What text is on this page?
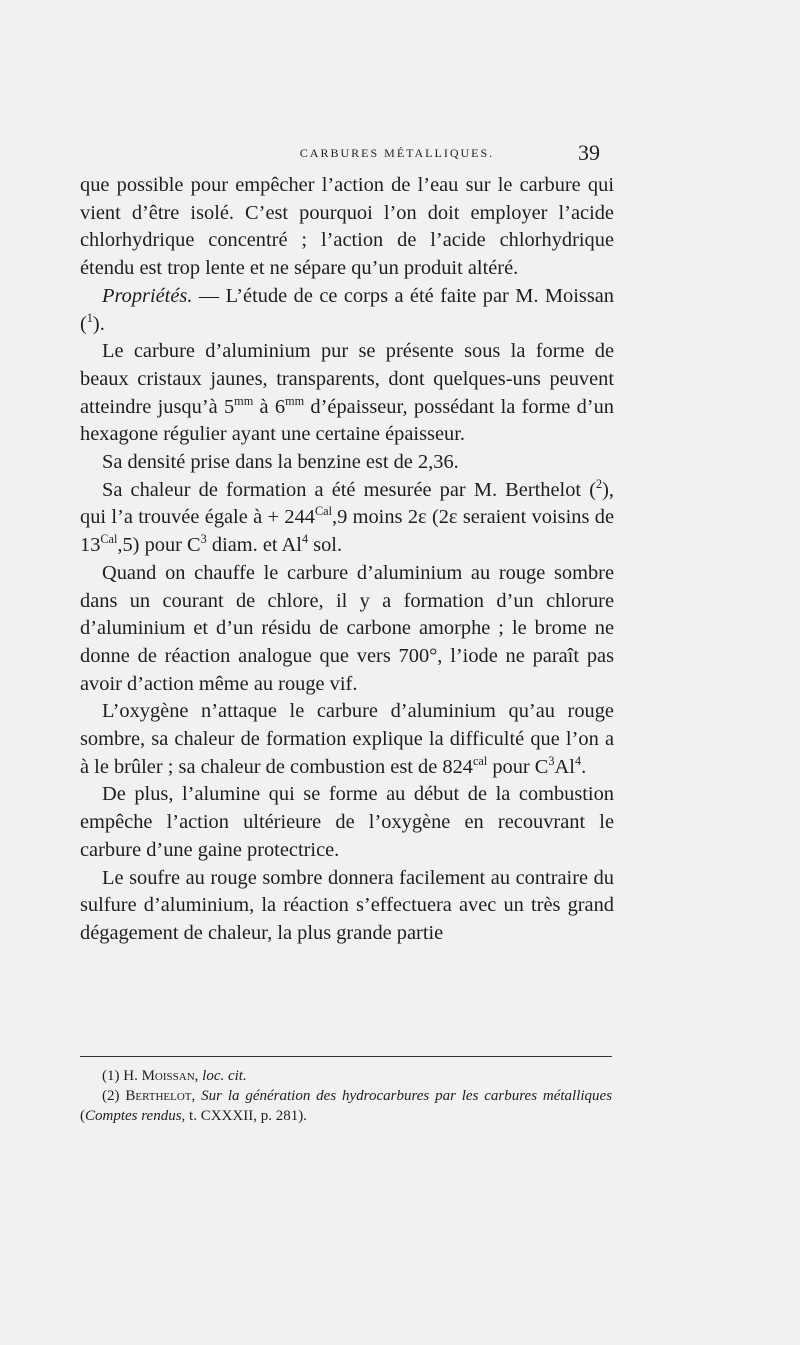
CARBURES MÉTALLIQUES.	39

que possible pour empêcher l’action de l’eau sur le carbure qui vient d’être isolé. C’est pourquoi l’on doit employer l’acide chlorhydrique concentré ; l’action de l’acide chlorhydrique étendu est trop lente et ne sépare qu’un produit altéré.

Propriétés. — L’étude de ce corps a été faite par M. Moissan ($^1$).

Le carbure d’aluminium pur se présente sous la forme de beaux cristaux jaunes, transparents, dont quelques-uns peuvent atteindre jusqu’à $5^{mm}$ à $6^{mm}$ d’épaisseur, possédant la forme d’un hexagone régulier ayant une certaine épaisseur.

Sa densité prise dans la benzine est de 2,36.

Sa chaleur de formation a été mesurée par M. Berthelot ($^2$), qui l’a trouvée égale à + $244^{Cal},9$ moins 2ε (2ε seraient voisins de $13^{Cal},5$) pour $C^3$ diam. et Al$^4$ sol.

Quand on chauffe le carbure d’aluminium au rouge sombre dans un courant de chlore, il y a formation d’un chlorure d’aluminium et d’un résidu de carbone amorphe ; le brome ne donne de réaction analogue que vers 700°, l’iode ne paraît pas avoir d’action même au rouge vif.

L’oxygène n’attaque le carbure d’aluminium qu’au rouge sombre, sa chaleur de formation explique la difficulté que l’on a à le brûler ; sa chaleur de combustion est de $824^{cal}$ pour $C^3Al^4$.

De plus, l’alumine qui se forme au début de la combustion empêche l’action ultérieure de l’oxygène en recouvrant le carbure d’une gaine protectrice.

Le soufre au rouge sombre donnera facilement au contraire du sulfure d’aluminium, la réaction s’effectuera avec un très grand dégagement de chaleur, la plus grande partie

(1) H. Moissan, loc. cit.

(2) Berthelot, Sur la génération des hydrocarbures par les carbures métalliques (Comptes rendus, t. CXXXII, p. 281).
